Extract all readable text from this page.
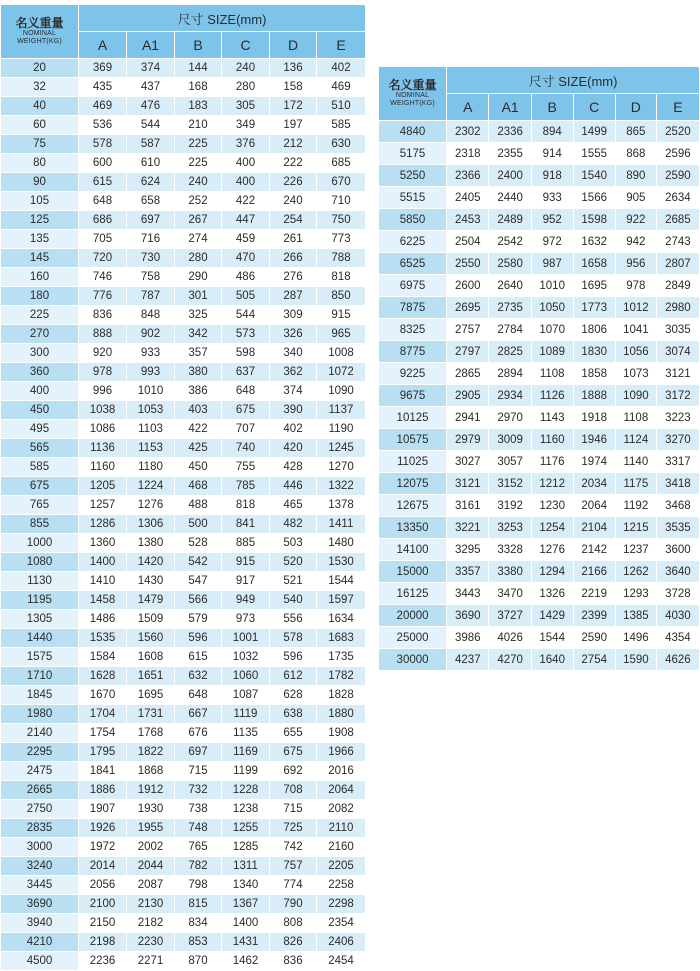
名义重量
NOMINAL
WEIGHT(KG)	尺寸 SIZE(mm)					
	A	A1	B	C	D	E
20	369	374	144	240	136	402
32	435	437	168	280	158	469
40	469	476	183	305	172	510
60	536	544	210	349	197	585
75	578	587	225	376	212	630
80	600	610	225	400	222	685
90	615	624	240	400	226	670
105	648	658	252	422	240	710
125	686	697	267	447	254	750
135	705	716	274	459	261	773
145	720	730	280	470	266	788
160	746	758	290	486	276	818
180	776	787	301	505	287	850
225	836	848	325	544	309	915
270	888	902	342	573	326	965
300	920	933	357	598	340	1008
360	978	993	380	637	362	1072
400	996	1010	386	648	374	1090
450	1038	1053	403	675	390	1137
495	1086	1103	422	707	402	1190
565	1136	1153	425	740	420	1245
585	1160	1180	450	755	428	1270
675	1205	1224	468	785	446	1322
765	1257	1276	488	818	465	1378
855	1286	1306	500	841	482	1411
1000	1360	1380	528	885	503	1480
1080	1400	1420	542	915	520	1530
1130	1410	1430	547	917	521	1544
1195	1458	1479	566	949	540	1597
1305	1486	1509	579	973	556	1634
1440	1535	1560	596	1001	578	1683
1575	1584	1608	615	1032	596	1735
1710	1628	1651	632	1060	612	1782
1845	1670	1695	648	1087	628	1828
1980	1704	1731	667	1119	638	1880
2140	1754	1768	676	1135	655	1908
2295	1795	1822	697	1169	675	1966
2475	1841	1868	715	1199	692	2016
2665	1886	1912	732	1228	708	2064
2750	1907	1930	738	1238	715	2082
2835	1926	1955	748	1255	725	2110
3000	1972	2002	765	1285	742	2160
3240	2014	2044	782	1311	757	2205
3445	2056	2087	798	1340	774	2258
3690	2100	2130	815	1367	790	2298
3940	2150	2182	834	1400	808	2354
4210	2198	2230	853	1431	826	2406
4500	2236	2271	870	1462	836	2454
名义重量
NOMINAL
WEIGHT(KG)	尺寸 SIZE(mm)					
	A	A1	B	C	D	E
4840	2302	2336	894	1499	865	2520
5175	2318	2355	914	1555	868	2596
5250	2366	2400	918	1540	890	2590
5515	2405	2440	933	1566	905	2634
5850	2453	2489	952	1598	922	2685
6225	2504	2542	972	1632	942	2743
6525	2550	2580	987	1658	956	2807
6975	2600	2640	1010	1695	978	2849
7875	2695	2735	1050	1773	1012	2980
8325	2757	2784	1070	1806	1041	3035
8775	2797	2825	1089	1830	1056	3074
9225	2865	2894	1108	1858	1073	3121
9675	2905	2934	1126	1888	1090	3172
10125	2941	2970	1143	1918	1108	3223
10575	2979	3009	1160	1946	1124	3270
11025	3027	3057	1176	1974	1140	3317
12075	3121	3152	1212	2034	1175	3418
12675	3161	3192	1230	2064	1192	3468
13350	3221	3253	1254	2104	1215	3535
14100	3295	3328	1276	2142	1237	3600
15000	3357	3380	1294	2166	1262	3640
16125	3443	3470	1326	2219	1293	3728
20000	3690	3727	1429	2399	1385	4030
25000	3986	4026	1544	2590	1496	4354
30000	4237	4270	1640	2754	1590	4626
